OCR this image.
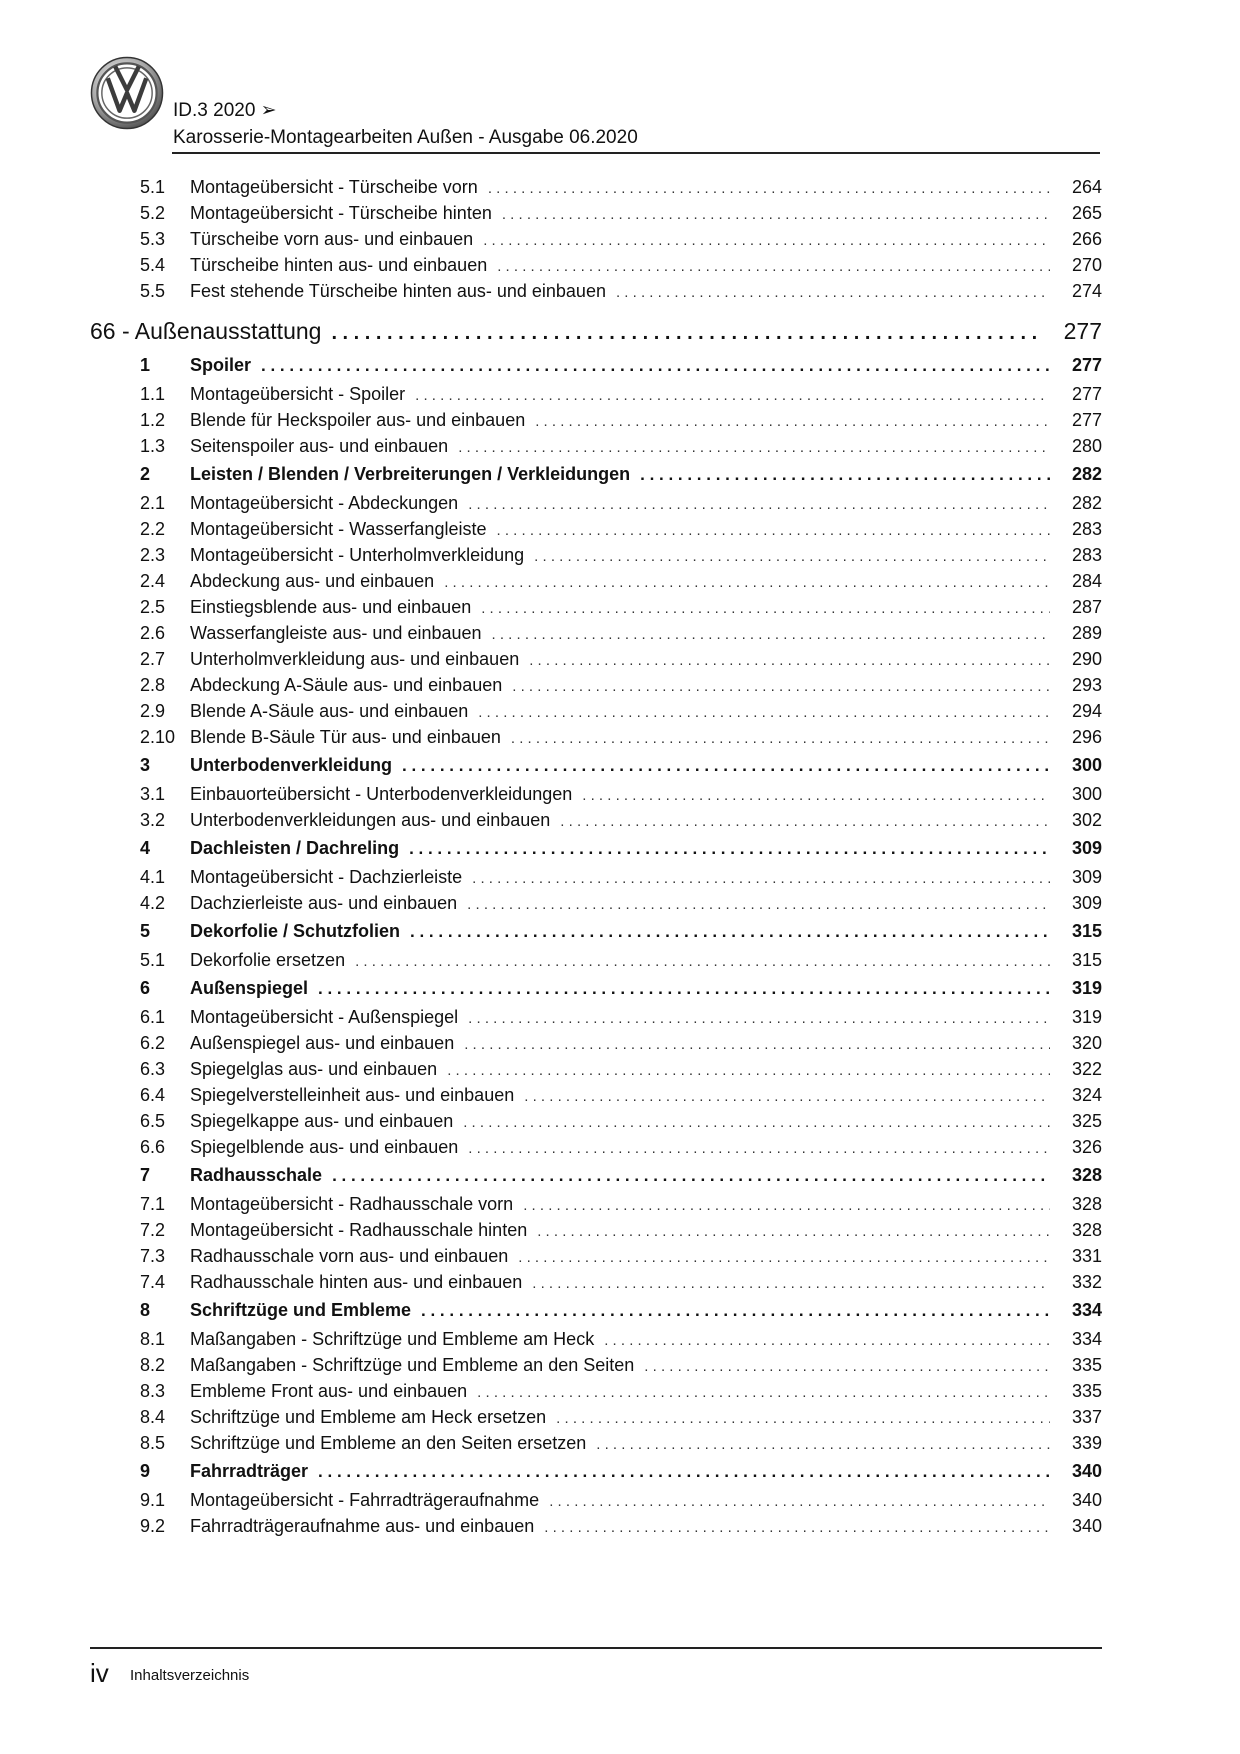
ID.3 2020 ➢
Karosserie-Montagearbeiten Außen - Ausgabe 06.2020
5.1	Montageübersicht - Türscheibe vorn . . .	264
5.2	Montageübersicht - Türscheibe hinten . . .	265
5.3	Türscheibe vorn aus- und einbauen . . .	266
5.4	Türscheibe hinten aus- und einbauen . . .	270
5.5	Fest stehende Türscheibe hinten aus- und einbauen . . .	274
66 - Außenausstattung . . .	277
1	Spoiler . . .	277
1.1	Montageübersicht - Spoiler . . .	277
1.2	Blende für Heckspoiler aus- und einbauen . . .	277
1.3	Seitenspoiler aus- und einbauen . . .	280
2	Leisten / Blenden / Verbreiterungen / Verkleidungen . . .	282
2.1	Montageübersicht - Abdeckungen . . .	282
2.2	Montageübersicht - Wasserfangleiste . . .	283
2.3	Montageübersicht - Unterholmverkleidung . . .	283
2.4	Abdeckung aus- und einbauen . . .	284
2.5	Einstiegsblende aus- und einbauen . . .	287
2.6	Wasserfangleiste aus- und einbauen . . .	289
2.7	Unterholmverkleidung aus- und einbauen . . .	290
2.8	Abdeckung A-Säule aus- und einbauen . . .	293
2.9	Blende A-Säule aus- und einbauen . . .	294
2.10 Blende B-Säule Tür aus- und einbauen . . .	296
3	Unterbodenverkleidung . . .	300
3.1	Einbauorteübersicht - Unterbodenverkleidungen . . .	300
3.2	Unterbodenverkleidungen aus- und einbauen . . .	302
4	Dachleisten / Dachreling . . .	309
4.1	Montageübersicht - Dachzierleiste . . .	309
4.2	Dachzierleiste aus- und einbauen . . .	309
5	Dekorfolie / Schutzfolien . . .	315
5.1	Dekorfolie ersetzen . . .	315
6	Außenspiegel . . .	319
6.1	Montageübersicht - Außenspiegel . . .	319
6.2	Außenspiegel aus- und einbauen . . .	320
6.3	Spiegelglas aus- und einbauen . . .	322
6.4	Spiegelverstelleinheit aus- und einbauen . . .	324
6.5	Spiegelkappe aus- und einbauen . . .	325
6.6	Spiegelblende aus- und einbauen . . .	326
7	Radhausschale . . .	328
7.1	Montageübersicht - Radhausschale vorn . . .	328
7.2	Montageübersicht - Radhausschale hinten . . .	328
7.3	Radhausschale vorn aus- und einbauen . . .	331
7.4	Radhausschale hinten aus- und einbauen . . .	332
8	Schriftzüge und Embleme . . .	334
8.1	Maßangaben - Schriftzüge und Embleme am Heck . . .	334
8.2	Maßangaben - Schriftzüge und Embleme an den Seiten . . .	335
8.3	Embleme Front aus- und einbauen . . .	335
8.4	Schriftzüge und Embleme am Heck ersetzen . . .	337
8.5	Schriftzüge und Embleme an den Seiten ersetzen . . .	339
9	Fahrradträger . . .	340
9.1	Montageübersicht - Fahrradträgeraufnahme . . .	340
9.2	Fahrradträgeraufnahme aus- und einbauen . . .	340
iv Inhaltsverzeichnis
